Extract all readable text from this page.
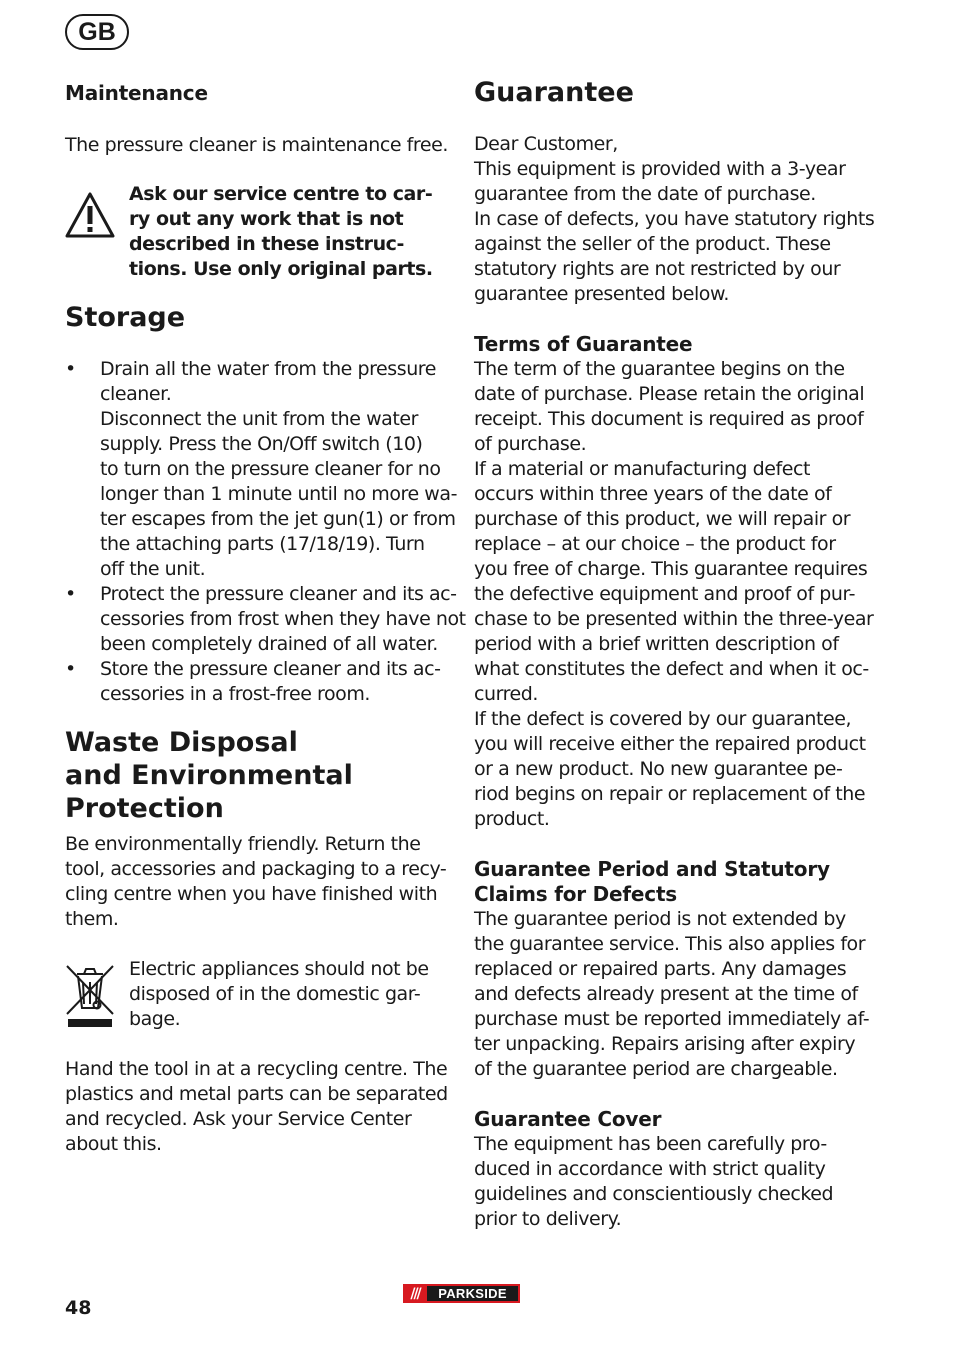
GB
Maintenance
The pressure cleaner is maintenance free.
Ask our service centre to car-
ry out any work that is not
described in these instruc-
tions. Use only original parts.
Storage
• Drain all the water from the pressure
cleaner.
Disconnect the unit from the water
supply. Press the On/Off switch (10)
to turn on the pressure cleaner for no
longer than 1 minute until no more wa-
ter escapes from the jet gun(1) or from
the attaching parts (17/18/19). Turn
off the unit.
• Protect the pressure cleaner and its ac-
cessories from frost when they have not
been completely drained of all water.
• Store the pressure cleaner and its ac-
cessories in a frost-free room.
Waste Disposal
and Environmental
Protection
Be environmentally friendly. Return the
tool, accessories and packaging to a recy-
cling centre when you have finished with
them.
Electric appliances should not be
disposed of in the domestic gar-
bage.
Hand the tool in at a recycling centre. The
plastics and metal parts can be separated
and recycled. Ask your Service Center
about this.
Guarantee
Dear Customer,
This equipment is provided with a 3-year
guarantee from the date of purchase.
In case of defects, you have statutory rights
against the seller of the product. These
statutory rights are not restricted by our
guarantee presented below.
Terms of Guarantee
The term of the guarantee begins on the
date of purchase. Please retain the original
receipt. This document is required as proof
of purchase.
If a material or manufacturing defect
occurs within three years of the date of
purchase of this product, we will repair or
replace – at our choice – the product for
you free of charge. This guarantee requires
the defective equipment and proof of pur-
chase to be presented within the three-year
period with a brief written description of
what constitutes the defect and when it oc-
curred.
If the defect is covered by our guarantee,
you will receive either the repaired product
or a new product. No new guarantee pe-
riod begins on repair or replacement of the
product.
Guarantee Period and Statutory
Claims for Defects
The guarantee period is not extended by
the guarantee service. This also applies for
replaced or repaired parts. Any damages
and defects already present at the time of
purchase must be reported immediately af-
ter unpacking. Repairs arising after expiry
of the guarantee period are chargeable.
Guarantee Cover
The equipment has been carefully pro-
duced in accordance with strict quality
guidelines and conscientiously checked
prior to delivery.
48
///	PARKSIDE
